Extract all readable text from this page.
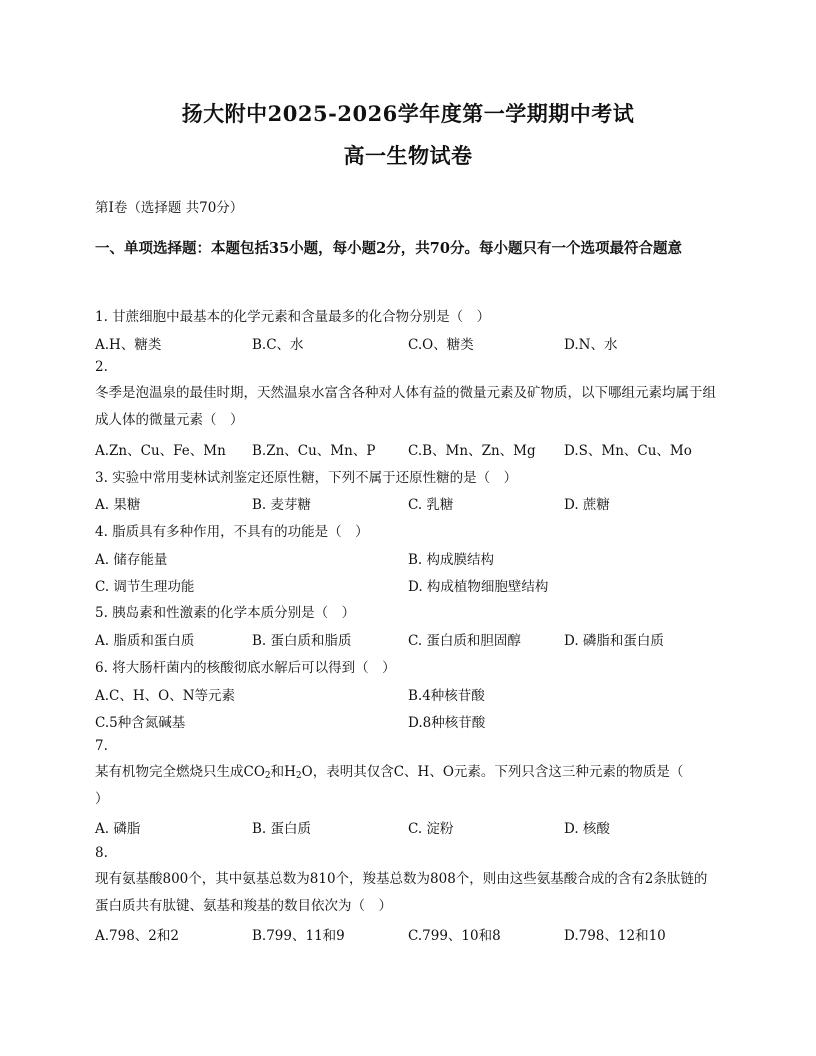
扬大附中2025-2026学年度第一学期期中考试
高一生物试卷
第Ⅰ卷（选择题 共70分）
一、单项选择题：本题包括35小题，每小题2分，共70分。每小题只有一个选项最符合题意
1. 甘蔗细胞中最基本的化学元素和含量最多的化合物分别是（　）
A.H、糖类	B.C、水	C.O、糖类	D.N、水
2.
冬季是泡温泉的最佳时期，天然温泉水富含各种对人体有益的微量元素及矿物质，以下哪组元素均属于组成人体的微量元素（　）
A.Zn、Cu、Fe、Mn B.Zn、Cu、Mn、P C.B、Mn、Zn、Mg D.S、Mn、Cu、Mo
3. 实验中常用斐林试剂鉴定还原性糖，下列不属于还原性糖的是（　）
A. 果糖	B. 麦芽糖	C. 乳糖	D. 蔗糖
4. 脂质具有多种作用，不具有的功能是（　）
A. 储存能量	B. 构成膜结构
C. 调节生理功能	D. 构成植物细胞壁结构
5. 胰岛素和性激素的化学本质分别是（　）
A. 脂质和蛋白质	B. 蛋白质和脂质	C. 蛋白质和胆固醇	D. 磷脂和蛋白质
6. 将大肠杆菌内的核酸彻底水解后可以得到（　）
A.C、H、O、N等元素	B.4种核苷酸
C.5种含氮碱基	D.8种核苷酸
7.
某有机物完全燃烧只生成$CO_2$和$H_2O$，表明其仅含C、H、O元素。下列只含这三种元素的物质是（
）
A. 磷脂	B. 蛋白质	C. 淀粉	D. 核酸
8.
现有氨基酸800个，其中氨基总数为810个，羧基总数为808个，则由这些氨基酸合成的含有2条肽链的蛋白质共有肽键、氨基和羧基的数目依次为（　）
A.798、2和2	B.799、11和9	C.799、10和8	D.798、12和10
